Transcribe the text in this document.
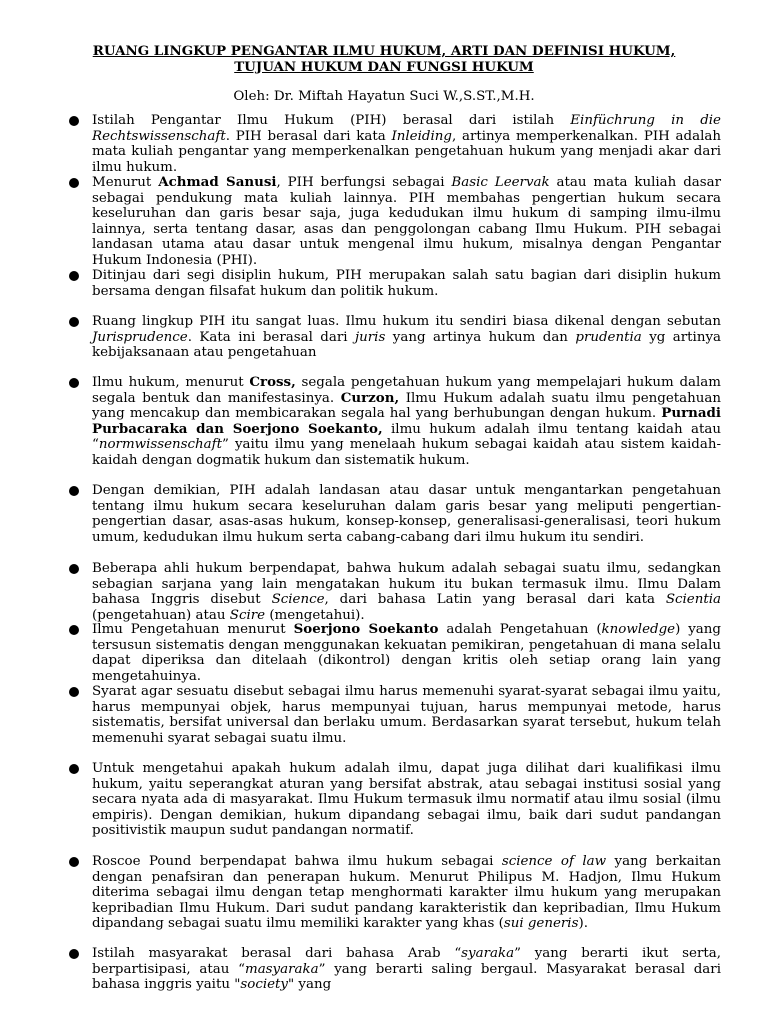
RUANG LINGKUP PENGANTAR ILMU HUKUM, ARTI DAN DEFINISI HUKUM,
TUJUAN HUKUM DAN FUNGSI HUKUM
Oleh: Dr. Miftah Hayatun Suci W.,S.ST.,M.H.
Istilah Pengantar Ilmu Hukum (PIH) berasal dari istilah Einfüchrung in die Rechtswissenschaft. PIH berasal dari kata Inleiding, artinya memperkenalkan. PIH adalah mata kuliah pengantar yang memperkenalkan pengetahuan hukum yang menjadi akar dari ilmu hukum.
Menurut Achmad Sanusi, PIH berfungsi sebagai Basic Leervak atau mata kuliah dasar sebagai pendukung mata kuliah lainnya. PIH membahas pengertian hukum secara keseluruhan dan garis besar saja, juga kedudukan ilmu hukum di samping ilmu-ilmu lainnya, serta tentang dasar, asas dan penggolongan cabang Ilmu Hukum. PIH sebagai landasan utama atau dasar untuk mengenal ilmu hukum, misalnya dengan Pengantar Hukum Indonesia (PHI).
Ditinjau dari segi disiplin hukum, PIH merupakan salah satu bagian dari disiplin hukum bersama dengan filsafat hukum dan politik hukum.
Ruang lingkup PIH itu sangat luas. Ilmu hukum itu sendiri biasa dikenal dengan sebutan Jurisprudence. Kata ini berasal dari juris yang artinya hukum dan prudentia yg artinya kebijaksanaan atau pengetahuan
Ilmu hukum, menurut Cross, segala pengetahuan hukum yang mempelajari hukum dalam segala bentuk dan manifestasinya. Curzon, Ilmu Hukum adalah suatu ilmu pengetahuan yang mencakup dan membicarakan segala hal yang berhubungan dengan hukum. Purnadi Purbacaraka dan Soerjono Soekanto, ilmu hukum adalah ilmu tentang kaidah atau “normwissenschaft” yaitu ilmu yang menelaah hukum sebagai kaidah atau sistem kaidah-kaidah dengan dogmatik hukum dan sistematik hukum.
Dengan demikian, PIH adalah landasan atau dasar untuk mengantarkan pengetahuan tentang ilmu hukum secara keseluruhan dalam garis besar yang meliputi pengertian-pengertian dasar, asas-asas hukum, konsep-konsep, generalisasi-generalisasi, teori hukum umum, kedudukan ilmu hukum serta cabang-cabang dari ilmu hukum itu sendiri.
Beberapa ahli hukum berpendapat, bahwa hukum adalah sebagai suatu ilmu, sedangkan sebagian sarjana yang lain mengatakan hukum itu bukan termasuk ilmu. Ilmu Dalam bahasa Inggris disebut Science, dari bahasa Latin yang berasal dari kata Scientia (pengetahuan) atau Scire (mengetahui).
Ilmu Pengetahuan menurut Soerjono Soekanto adalah Pengetahuan (knowledge) yang tersusun sistematis dengan menggunakan kekuatan pemikiran, pengetahuan di mana selalu dapat diperiksa dan ditelaah (dikontrol) dengan kritis oleh setiap orang lain yang mengetahuinya.
Syarat agar sesuatu disebut sebagai ilmu harus memenuhi syarat-syarat sebagai ilmu yaitu, harus mempunyai objek, harus mempunyai tujuan, harus mempunyai metode, harus sistematis, bersifat universal dan berlaku umum. Berdasarkan syarat tersebut, hukum telah memenuhi syarat sebagai suatu ilmu.
Untuk mengetahui apakah hukum adalah ilmu, dapat juga dilihat dari kualifikasi ilmu hukum, yaitu seperangkat aturan yang bersifat abstrak, atau sebagai institusi sosial yang secara nyata ada di masyarakat. Ilmu Hukum termasuk ilmu normatif atau ilmu sosial (ilmu empiris). Dengan demikian, hukum dipandang sebagai ilmu, baik dari sudut pandangan positivistik maupun sudut pandangan normatif.
Roscoe Pound berpendapat bahwa ilmu hukum sebagai science of law yang berkaitan dengan penafsiran dan penerapan hukum. Menurut Philipus M. Hadjon, Ilmu Hukum diterima sebagai ilmu dengan tetap menghormati karakter ilmu hukum yang merupakan kepribadian Ilmu Hukum. Dari sudut pandang karakteristik dan kepribadian, Ilmu Hukum dipandang sebagai suatu ilmu memiliki karakter yang khas (sui generis).
Istilah masyarakat berasal dari bahasa Arab “syaraka” yang berarti ikut serta, berpartisipasi, atau “masyaraka” yang berarti saling bergaul. Masyarakat berasal dari bahasa inggris yaitu "society" yang
